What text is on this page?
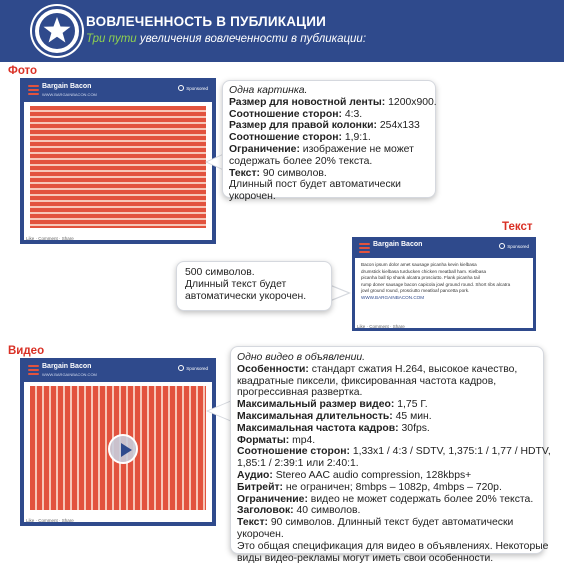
ВОВЛЕЧЕННОСТЬ В ПУБЛИКАЦИИ
Три пути увеличения вовлеченности в публикации:
Фото
Bargain Bacon
WWW.BARGAINBACON.COM
Sponsored
Like · Comment · Share
Одна картинка.
Размер для новостной ленты: 1200x900.
Соотношение сторон: 4:3.
Размер для правой колонки: 254x133
Соотношение сторон: 1,9:1.
Ограничение: изображение не может
содержать более 20% текста.
Текст: 90 символов.
Длинный пост будет автоматически
укорочен.
Текст
Bargain Bacon	Sponsored
Bacon ipsum dolor amet sausage picanha kevin kielbasa
drumstick kielbasa turducken chicken meatball ham. Kielbasa
picanha ball tip shank alcatra prosciutto. Flank picanha tail
rump doner sausage bacon capicola jowl ground round. Short ribs alcatra
jowl ground round, prosciutto meatloaf pancetta pork.
WWW.BARGAINBACON.COM
Like · Comment · Share
500 символов.
Длинный текст будет
автоматически укорочен.
Видео
Bargain Bacon
WWW.BARGAINBACON.COM
Sponsored
Like · Comment · Share
Одно видео в объявлении.
Особенности: стандарт сжатия H.264, высокое качество,
квадратные пиксели, фиксированная частота кадров,
прогрессивная развертка.
Максимальный размер видео: 1,75 Г.
Максимальная длительность: 45 мин.
Максимальная частота кадров: 30fps.
Форматы: mp4.
Соотношение сторон: 1,33x1 / 4:3 / SDTV, 1,375:1 / 1,77 / HDTV,
1,85:1 / 2:39:1 или 2:40:1.
Аудио: Stereo AAC audio compression, 128kbps+
Битрейт: не ограничен; 8mbps – 1082p, 4mbps – 720p.
Ограничение: видео не может содержать более 20% текста.
Заголовок: 40 символов.
Текст: 90 символов. Длинный текст будет автоматически
укорочен.
Это общая спецификация для видео в объявлениях. Некоторые
виды видео-рекламы могут иметь свои особенности.
